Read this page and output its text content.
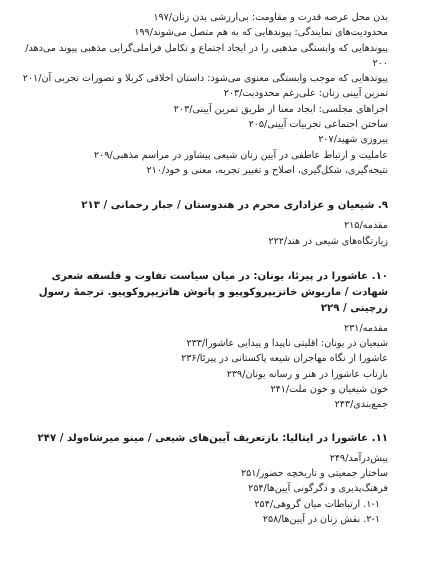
بدن محل عرصه قدرت و مقاومت: بی‌ارزشی بدن زنان/۱۹۷
محدودیت‌های نمایندگی: پیوندهایی که به هم متصل می‌شوند/۱۹۹
پیوندهایی که وابستگی مذهبی را در ایجاد اجتماع و تکامل فراملی‌گرایی مذهبی پیوند می‌دهد/۲۰۰
پیوندهایی که موجب وابستگی معنوی می‌شود: داستان اخلاقی کربلا و تصورات تجربی آن/۲۰۱
تمرین آیینی زنان: علی‌رغم محدودیت/۲۰۳
اجراهای مجلسی: ایجاد معنا از طریق تمرین آیینی/۲۰۳
ساختن اجتماعی تجربیات آیینی/۲۰۵
پیروزی شهید/۲۰۷
عاملیت و ارتباط عاطفی در آیین زنان شیعی پیشاور در مراسم مذهبی/۲۰۹
نتیجه‌گیری، شکل‌گیری، اصلاح و تغییر تجربه، معنی و خود/۲۱۰
۹. شیعیان و عزاداری محرم در هندوستان / جبار رحمانی / ۲۱۳
مقدمه/۲۱۵
زیارتگاه‌های شیعی در هند/۲۲۲
۱۰. عاشورا در پیرئا، یونان: در میان سیاست تفاوت و فلسفه شعری شهادت / ماریوش خاتزیپروکوپیو و پانوش هاتزیپروکوپیو. ترجمهٔ رسول زرچینی / ۲۲۹
مقدمه/۲۳۱
شیعیان در یونان: اقلیتی ناپیدا و پیدایی عاشورا/۲۳۳
عاشورا از نگاه مهاجران شیعه پاکستانی در پیرئا/۲۳۶
بازتاب عاشورا در هنر و رسانه یونان/۲۳۹
خون شیعیان و خون ملت/۲۴۱
جمع‌بندی/۲۴۳
۱۱. عاشورا در ایتالیا: بازتعریف آیین‌های شیعی / مینو میرشاه‌ولد / ۲۴۷
پیش‌درآمد/۲۴۹
ساختار جمعیتی و تاریخچه حضور/۲۵۱
فرهنگ‌پذیری و دگرگونی آیین‌ها/۲۵۴
۱-۱. ارتباطات میان گروهی/۲۵۴
۲-۱. نقش زنان در آیین‌ها/۲۵۸
